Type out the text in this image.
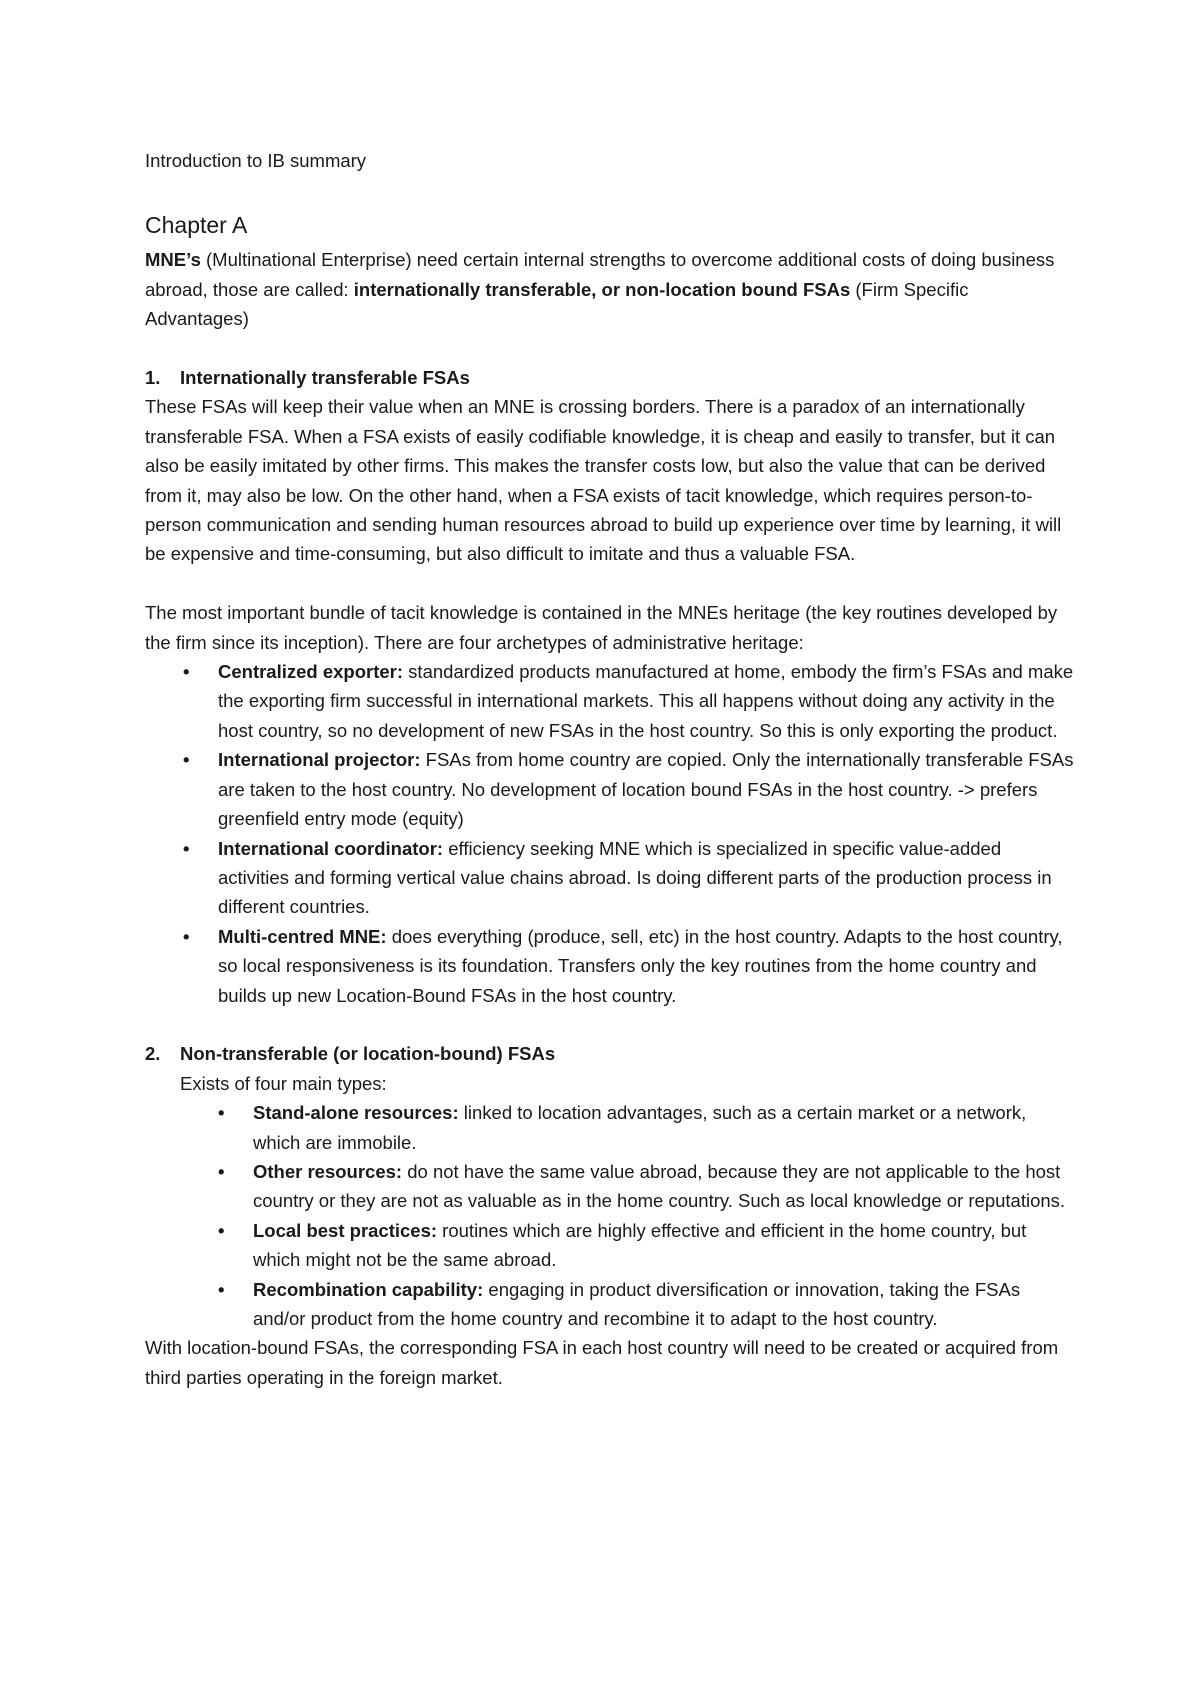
Introduction to IB summary

Chapter A

MNE’s (Multinational Enterprise) need certain internal strengths to overcome additional costs of doing business abroad, those are called: internationally transferable, or non-location bound FSAs (Firm Specific Advantages)

1.	Internationally transferable FSAs

These FSAs will keep their value when an MNE is crossing borders. There is a paradox of an internationally transferable FSA. When a FSA exists of easily codifiable knowledge, it is cheap and easily to transfer, but it can also be easily imitated by other firms. This makes the transfer costs low, but also the value that can be derived from it, may also be low. On the other hand, when a FSA exists of tacit knowledge, which requires person-to-person communication and sending human resources abroad to build up experience over time by learning, it will be expensive and time-consuming, but also difficult to imitate and thus a valuable FSA.

The most important bundle of tacit knowledge is contained in the MNEs heritage (the key routines developed by the firm since its inception). There are four archetypes of administrative heritage:

• Centralized exporter: standardized products manufactured at home, embody the firm’s FSAs and make the exporting firm successful in international markets. This all happens without doing any activity in the host country, so no development of new FSAs in the host country. So this is only exporting the product.
• International projector: FSAs from home country are copied. Only the internationally transferable FSAs are taken to the host country. No development of location bound FSAs in the host country. -> prefers greenfield entry mode (equity)
• International coordinator: efficiency seeking MNE which is specialized in specific value-added activities and forming vertical value chains abroad. Is doing different parts of the production process in different countries.
• Multi-centred MNE: does everything (produce, sell, etc) in the host country. Adapts to the host country, so local responsiveness is its foundation. Transfers only the key routines from the home country and builds up new Location-Bound FSAs in the host country.
2.	Non-transferable (or location-bound) FSAs
Exists of four main types:
• Stand-alone resources: linked to location advantages, such as a certain market or a network, which are immobile.
• Other resources: do not have the same value abroad, because they are not applicable to the host country or they are not as valuable as in the home country. Such as local knowledge or reputations.
• Local best practices: routines which are highly effective and efficient in the home country, but which might not be the same abroad.
• Recombination capability: engaging in product diversification or innovation, taking the FSAs and/or product from the home country and recombine it to adapt to the host country.

With location-bound FSAs, the corresponding FSA in each host country will need to be created or acquired from third parties operating in the foreign market.
